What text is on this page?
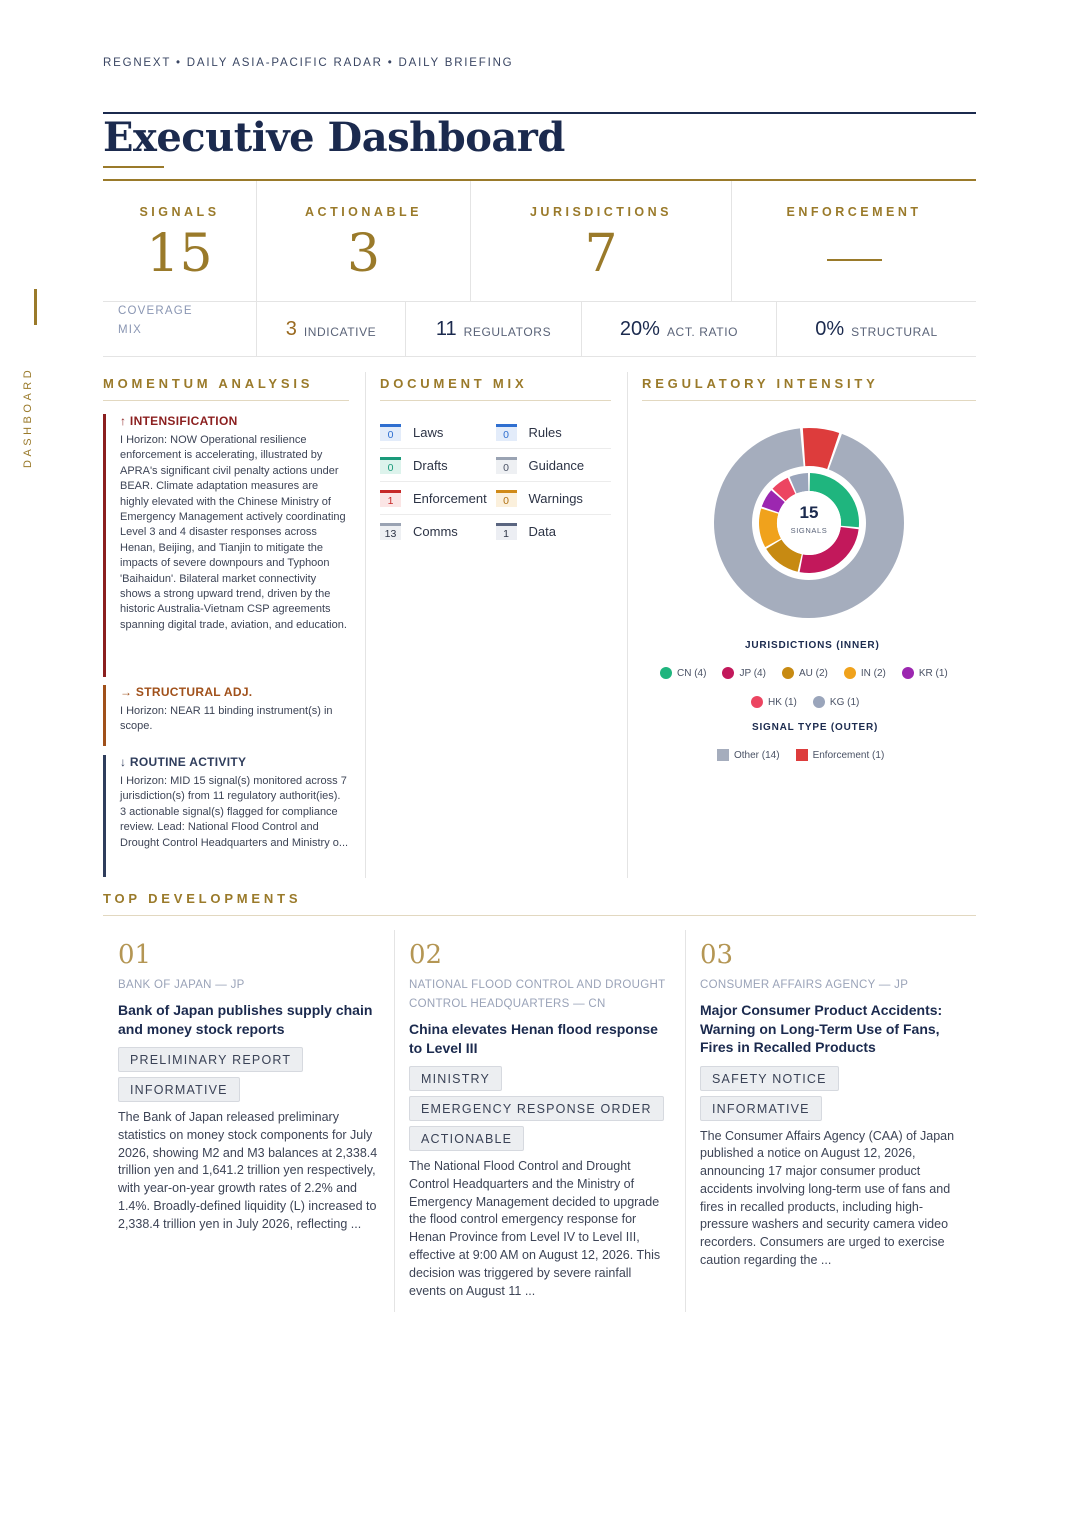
DASHBOARD
REGNEXT • DAILY ASIA-PACIFIC RADAR • DAILY BRIEFING
Executive Dashboard
SIGNALS
15
ACTIONABLE
3
JURISDICTIONS
7
ENFORCEMENT
COVERAGE
MIX	3 INDICATIVE	11 REGULATORS	20% ACT. RATIO	0% STRUCTURAL
MOMENTUM ANALYSIS	DOCUMENT MIX	REGULATORY INTENSITY
↑ INTENSIFICATION
I Horizon: NOW Operational resilience enforcement is accelerating, illustrated by APRA's significant civil penalty actions under BEAR. Climate adaptation measures are highly elevated with the Chinese Ministry of Emergency Management actively coordinating Level 3 and 4 disaster responses across Henan, Beijing, and Tianjin to mitigate the impacts of severe downpours and Typhoon 'Baihaidun'. Bilateral market connectivity shows a strong upward trend, driven by the historic Australia-Vietnam CSP agreements spanning digital trade, aviation, and education.
→ STRUCTURAL ADJ.
I Horizon: NEAR 11 binding instrument(s) in scope.
↓ ROUTINE ACTIVITY
I Horizon: MID 15 signal(s) monitored across 7 jurisdiction(s) from 11 regulatory authorit(ies). 3 actionable signal(s) flagged for compliance review. Lead: National Flood Control and Drought Control Headquarters and Ministry o...
0	Laws	0	Rules
0	Drafts	0	Guidance
1	Enforcement	0	Warnings
13	Comms	1	Data
15
SIGNALS
JURISDICTIONS (INNER)
CN (4)	JP (4)	AU (2)	IN (2)	KR (1)
HK (1)	KG (1)
SIGNAL TYPE (OUTER)
Other (14)	Enforcement (1)
TOP DEVELOPMENTS
01
BANK OF JAPAN — JP
Bank of Japan publishes supply chain and money stock reports
PRELIMINARY REPORT
INFORMATIVE
The Bank of Japan released preliminary statistics on money stock components for July 2026, showing M2 and M3 balances at 2,338.4 trillion yen and 1,641.2 trillion yen respectively, with year-on-year growth rates of 2.2% and 1.4%. Broadly-defined liquidity (L) increased to 2,338.4 trillion yen in July 2026, reflecting ...
02
NATIONAL FLOOD CONTROL AND DROUGHT CONTROL HEADQUARTERS — CN
China elevates Henan flood response to Level III
MINISTRY
EMERGENCY RESPONSE ORDER
ACTIONABLE
The National Flood Control and Drought Control Headquarters and the Ministry of Emergency Management decided to upgrade the flood control emergency response for Henan Province from Level IV to Level III, effective at 9:00 AM on August 12, 2026. This decision was triggered by severe rainfall events on August 11 ...
03
CONSUMER AFFAIRS AGENCY — JP
Major Consumer Product Accidents: Warning on Long-Term Use of Fans, Fires in Recalled Products
SAFETY NOTICE
INFORMATIVE
The Consumer Affairs Agency (CAA) of Japan published a notice on August 12, 2026, announcing 17 major consumer product accidents involving long-term use of fans and fires in recalled products, including high-pressure washers and security camera video recorders. Consumers are urged to exercise caution regarding the ...
